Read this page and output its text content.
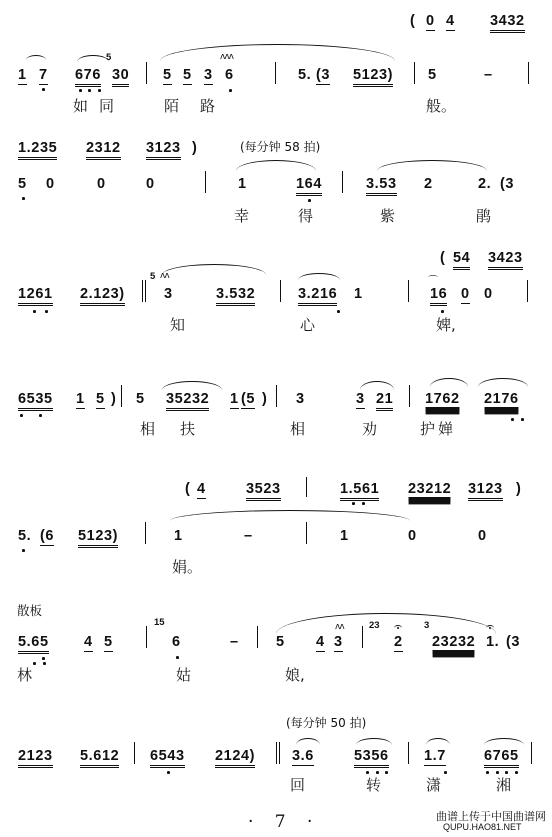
( 0 4 3432
5	ʌʌʌ
1 7 676 30 5 5 3 6	5. (3 5123) 5	–
如 同	陌 路	般。
1.235 2312 3123 )	(每分钟 58 拍)
5 0	0	0	1	164	3.53 2	2. (3
幸	得	紫	鹃
( 54 3423
5 ʌʌ	⌒
1261 2.123)	3	3.532	3.216 1	16 0 0
知	心	婢,
6535 1 5 ) 5 35232 1 (5 ) 3	3 21 1762 2176
相 扶	相	劝	护 婵
( 4	3523	1.561 23212 3123 )
5. (6 5123)	1	–	1	0	0
娟。
散板
15	23	3
ʌʌ
5.65 4 5	6	–	5 4 3	2 23232 1. (3
林	姑	娘,
(每分钟 50 拍)
2123 5.612 6543 2124)	3.6	5356 1.7	6765
回	转	潇	湘
· 7 ·	曲谱上传于中国曲谱网
QUPU.HAO81.NET
